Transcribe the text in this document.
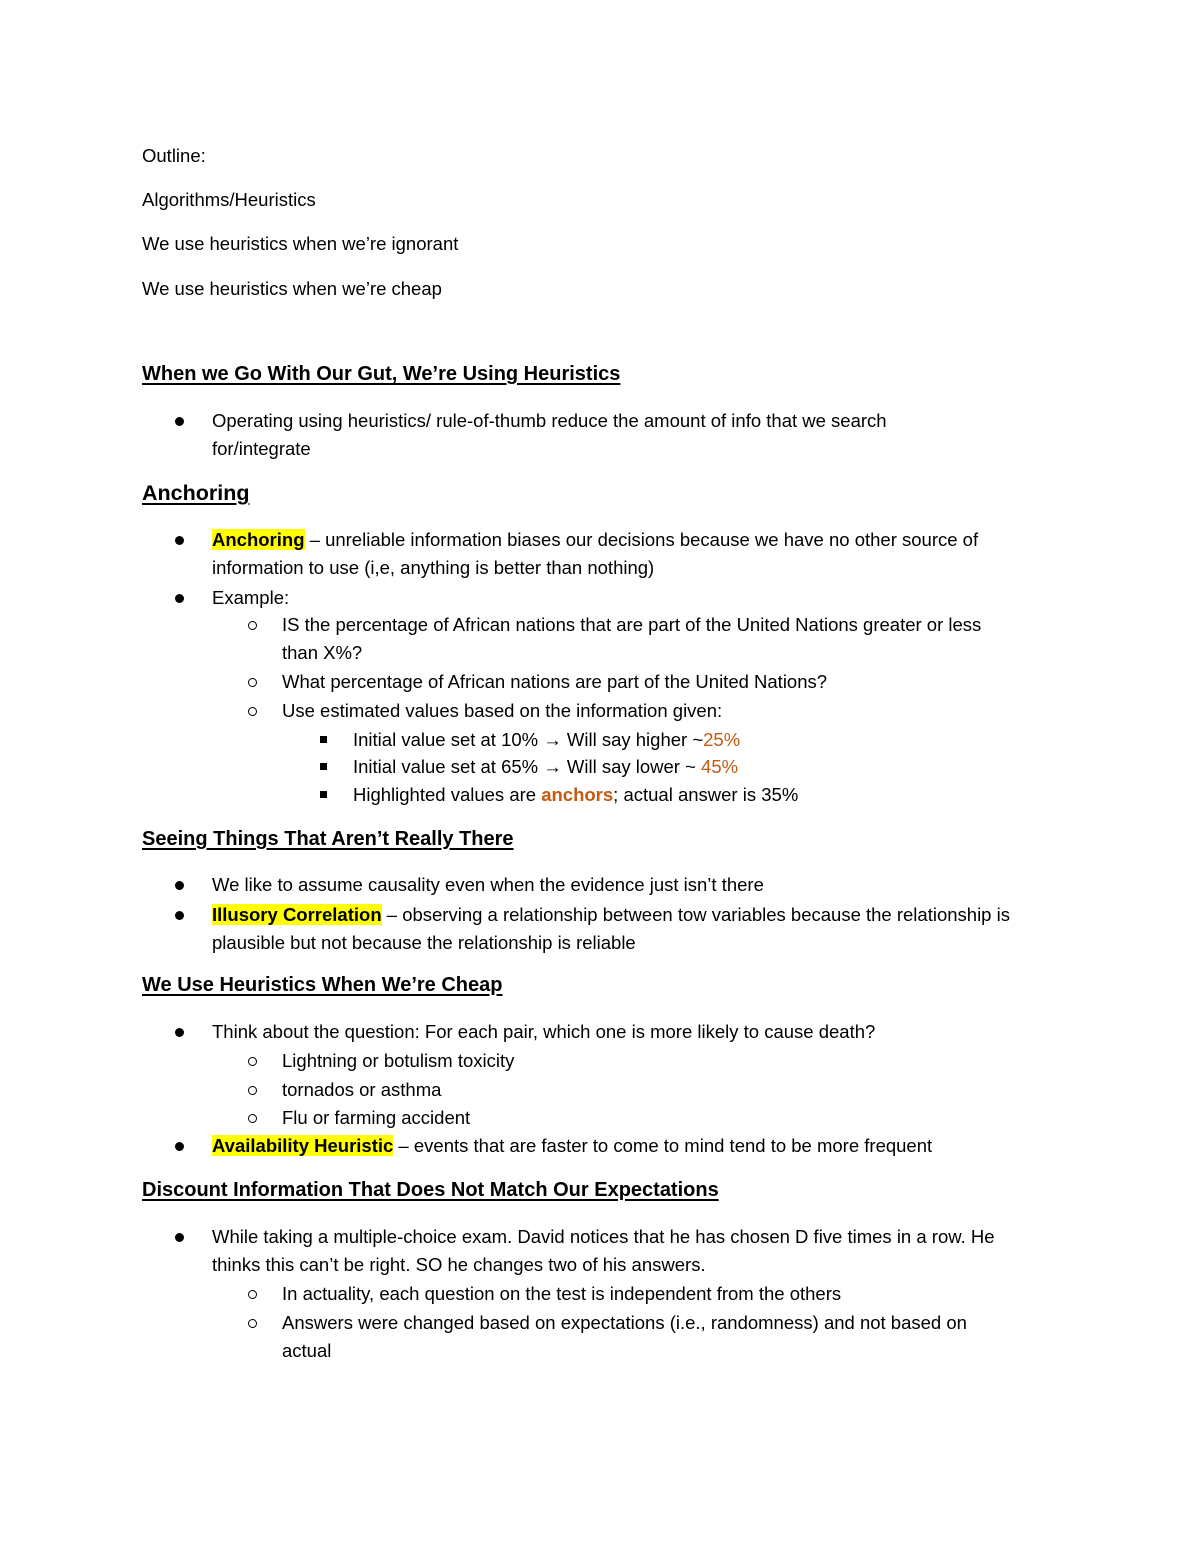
Outline:
Algorithms/Heuristics
We use heuristics when we’re ignorant
We use heuristics when we’re cheap
When we Go With Our Gut, We’re Using Heuristics
Operating using heuristics/ rule-of-thumb reduce the amount of info that we search
for/integrate
Anchoring
Anchoring – unreliable information biases our decisions because we have no other source of
information to use (i,e, anything is better than nothing)
Example:
IS the percentage of African nations that are part of the United Nations greater or less
than X%?
What percentage of African nations are part of the United Nations?
Use estimated values based on the information given:
Initial value set at 10% → Will say higher ~25%
Initial value set at 65% → Will say lower ~ 45%
Highlighted values are anchors; actual answer is 35%
Seeing Things That Aren’t Really There
We like to assume causality even when the evidence just isn’t there
Illusory Correlation – observing a relationship between tow variables because the relationship is
plausible but not because the relationship is reliable
We Use Heuristics When We’re Cheap
Think about the question: For each pair, which one is more likely to cause death?
Lightning or botulism toxicity
tornados or asthma
Flu or farming accident
Availability Heuristic – events that are faster to come to mind tend to be more frequent
Discount Information That Does Not Match Our Expectations
While taking a multiple-choice exam. David notices that he has chosen D five times in a row. He
thinks this can’t be right. SO he changes two of his answers.
In actuality, each question on the test is independent from the others
Answers were changed based on expectations (i.e., randomness) and not based on
actual
